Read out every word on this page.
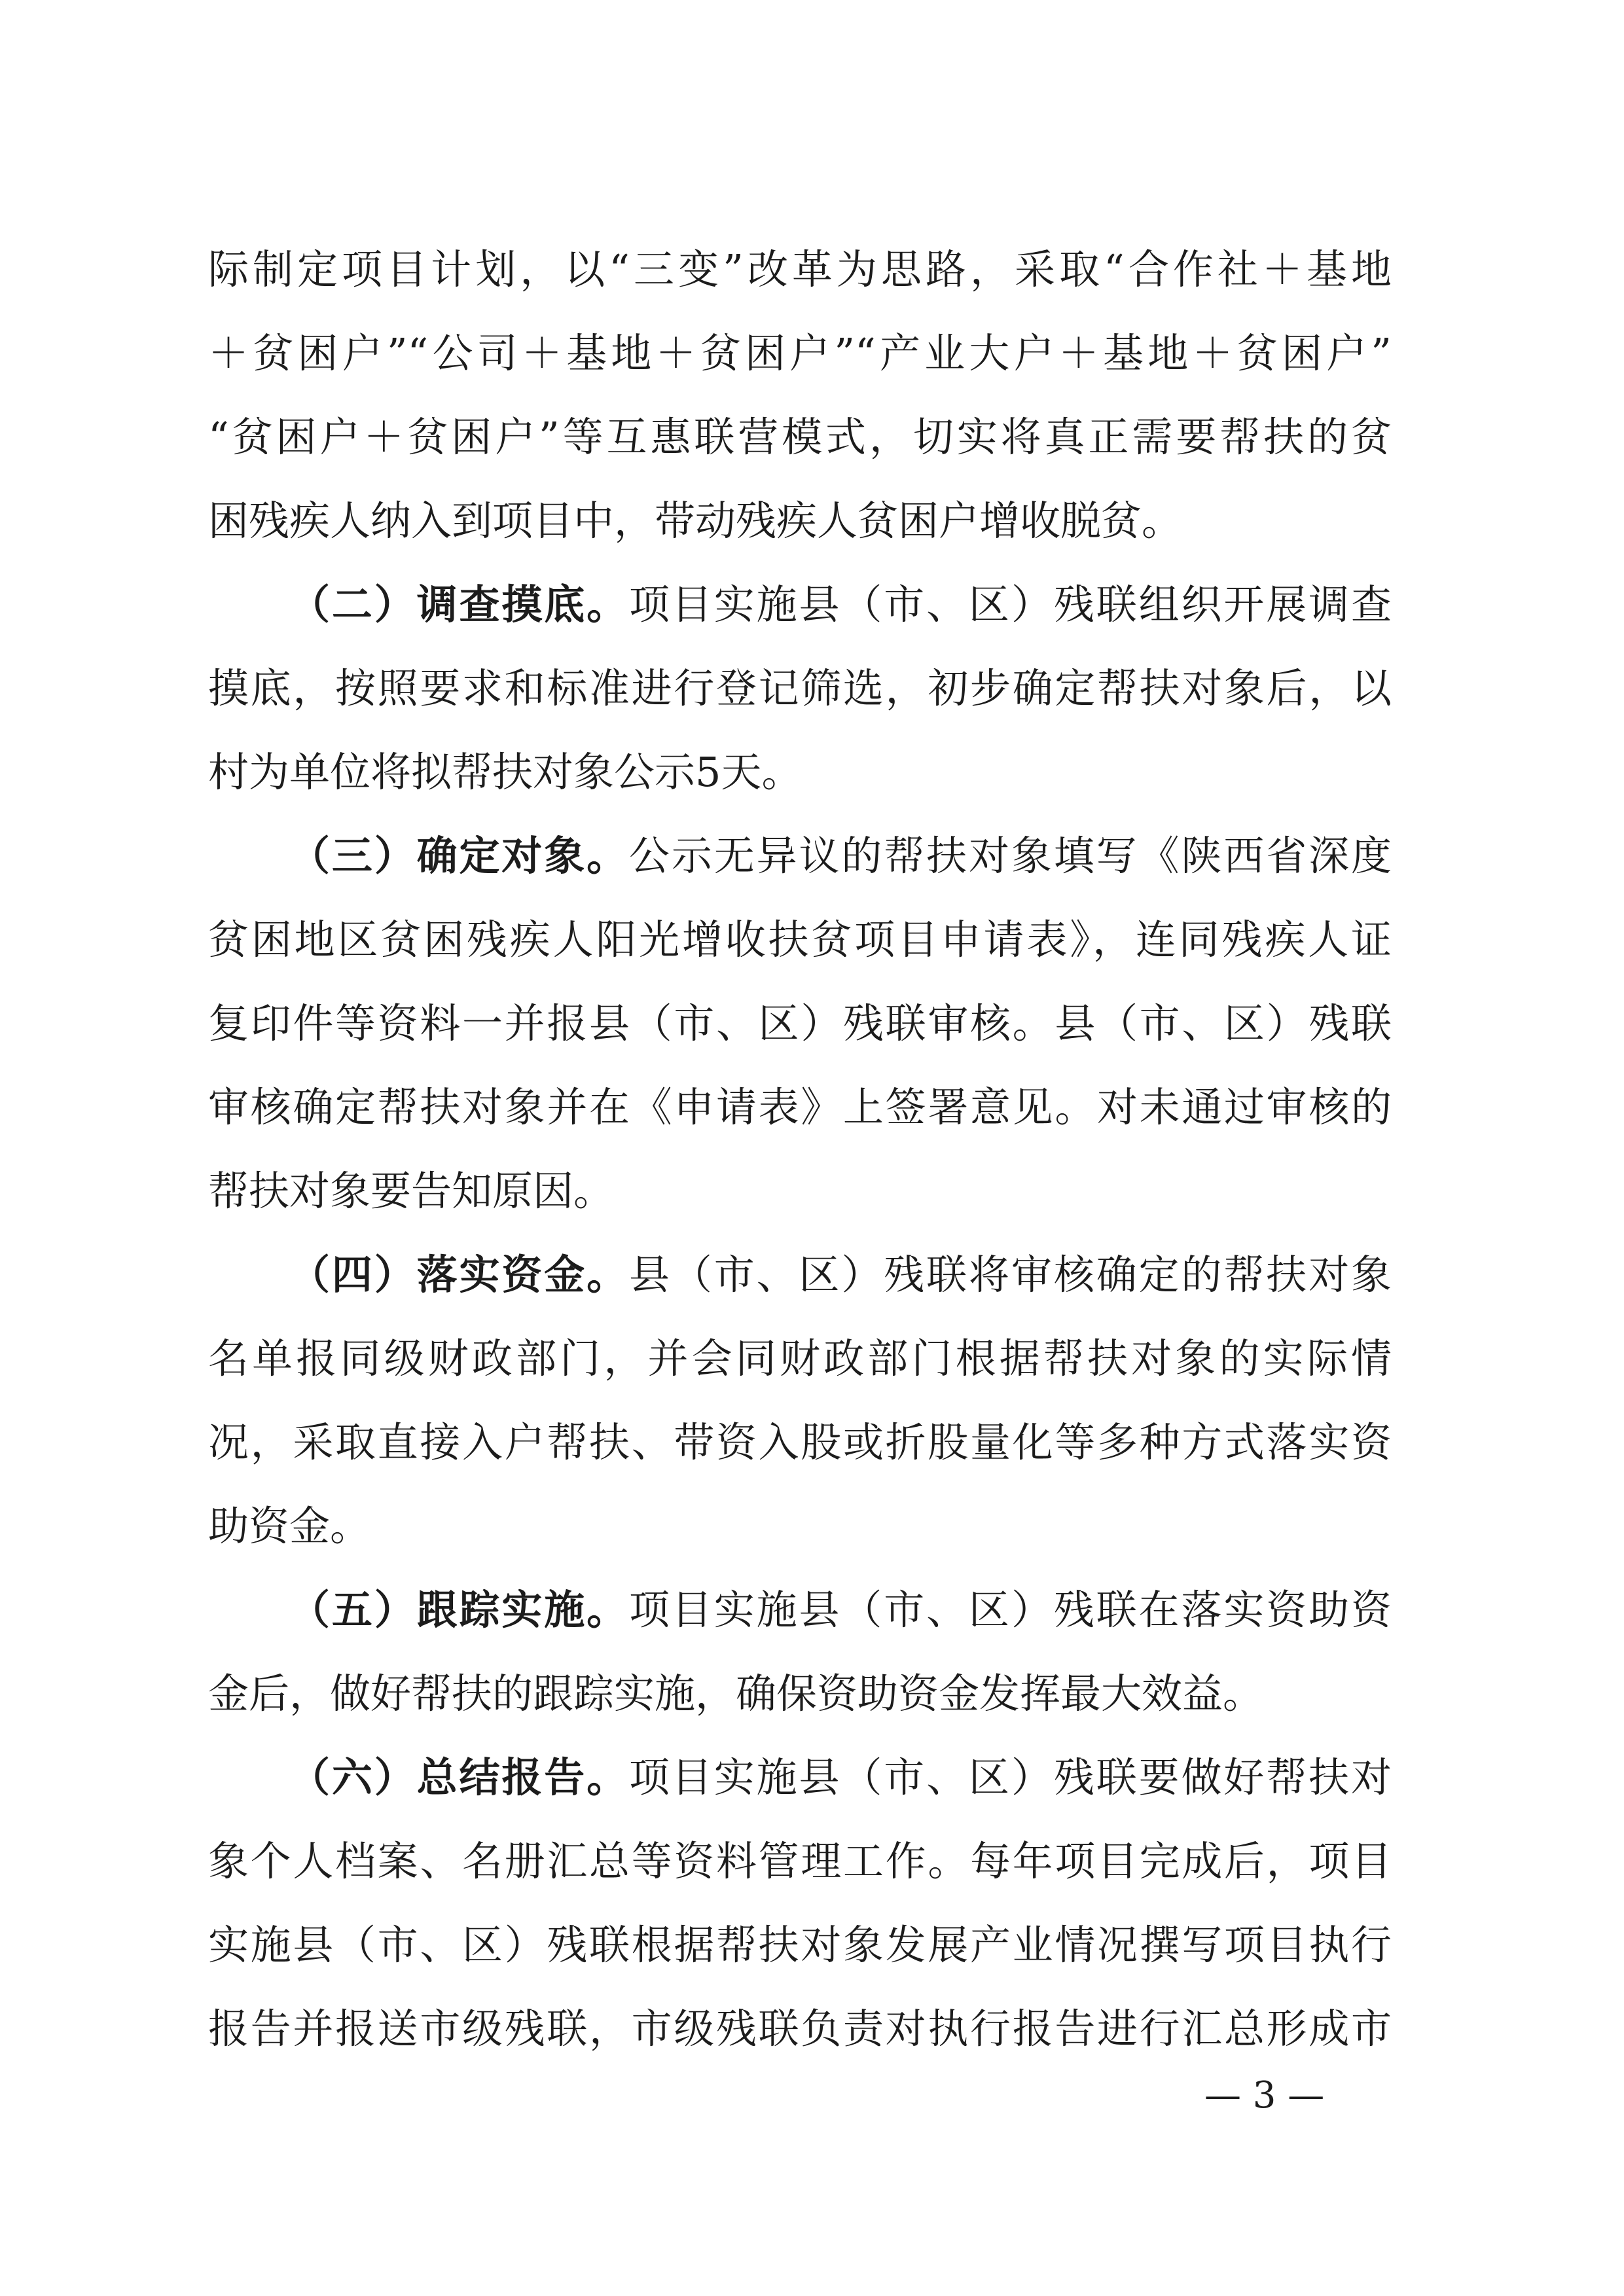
际制定项目计划，以“三变”改革为思路，采取“合作社＋基地
＋贫困户”“公司＋基地＋贫困户”“产业大户＋基地＋贫困户”
“贫困户＋贫困户”等互惠联营模式，切实将真正需要帮扶的贫
困残疾人纳入到项目中，带动残疾人贫困户增收脱贫。
（二）调查摸底。项目实施县（市、区）残联组织开展调查
摸底，按照要求和标准进行登记筛选，初步确定帮扶对象后，以
村为单位将拟帮扶对象公示5天。
（三）确定对象。公示无异议的帮扶对象填写《陕西省深度
贫困地区贫困残疾人阳光增收扶贫项目申请表》，连同残疾人证
复印件等资料一并报县（市、区）残联审核。县（市、区）残联
审核确定帮扶对象并在《申请表》上签署意见。对未通过审核的
帮扶对象要告知原因。
（四）落实资金。县（市、区）残联将审核确定的帮扶对象
名单报同级财政部门，并会同财政部门根据帮扶对象的实际情
况，采取直接入户帮扶、带资入股或折股量化等多种方式落实资
助资金。
（五）跟踪实施。项目实施县（市、区）残联在落实资助资
金后，做好帮扶的跟踪实施，确保资助资金发挥最大效益。
（六）总结报告。项目实施县（市、区）残联要做好帮扶对
象个人档案、名册汇总等资料管理工作。每年项目完成后，项目
实施县（市、区）残联根据帮扶对象发展产业情况撰写项目执行
报告并报送市级残联，市级残联负责对执行报告进行汇总形成市
— 3 —
